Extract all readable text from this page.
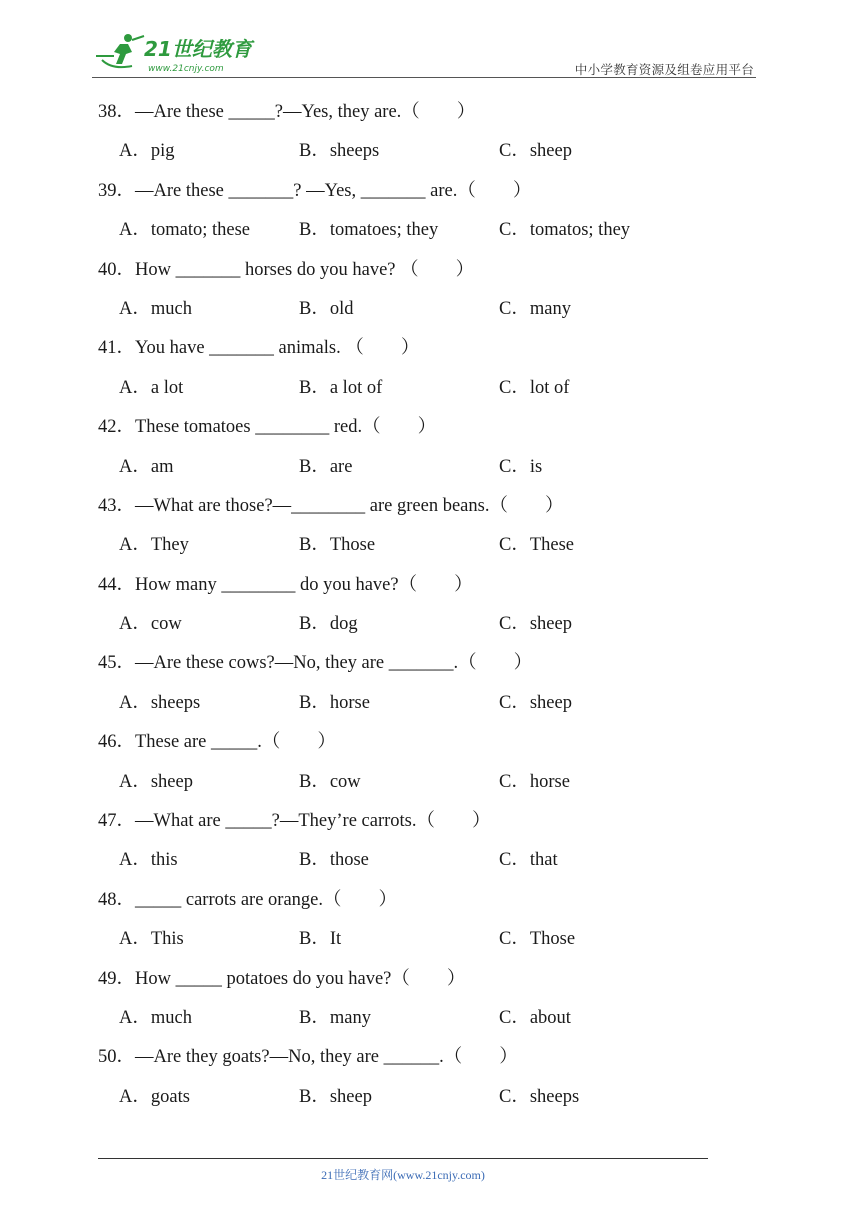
21世纪教育
www.21cnjy.com	中小学教育资源及组卷应用平台
38．—Are these _____?—Yes, they are.（　　）
A．pig	B．sheeps	C．sheep
39．—Are these _______? —Yes, _______ are.（　　）
A．tomato; these	B．tomatoes; they	C．tomatos; they
40．How _______ horses do you have? （　　）
A．much	B．old	C．many
41．You have _______ animals. （　　）
A．a lot	B．a lot of	C．lot of
42．These tomatoes ________ red.（　　）
A．am	B．are	C．is
43．—What are those?—________ are green beans.（　　）
A．They	B．Those	C．These
44．How many ________ do you have?（　　）
A．cow	B．dog	C．sheep
45．—Are these cows?—No, they are _______.（　　）
A．sheeps	B．horse	C．sheep
46．These are _____.（　　）
A．sheep	B．cow	C．horse
47．—What are _____?—They’re carrots.（　　）
A．this	B．those	C．that
48．_____ carrots are orange.（　　）
A．This	B．It	C．Those
49．How _____ potatoes do you have?（　　）
A．much	B．many	C．about
50．—Are they goats?—No, they are ______.（　　）
A．goats	B．sheep	C．sheeps
21世纪教育网(www.21cnjy.com)
